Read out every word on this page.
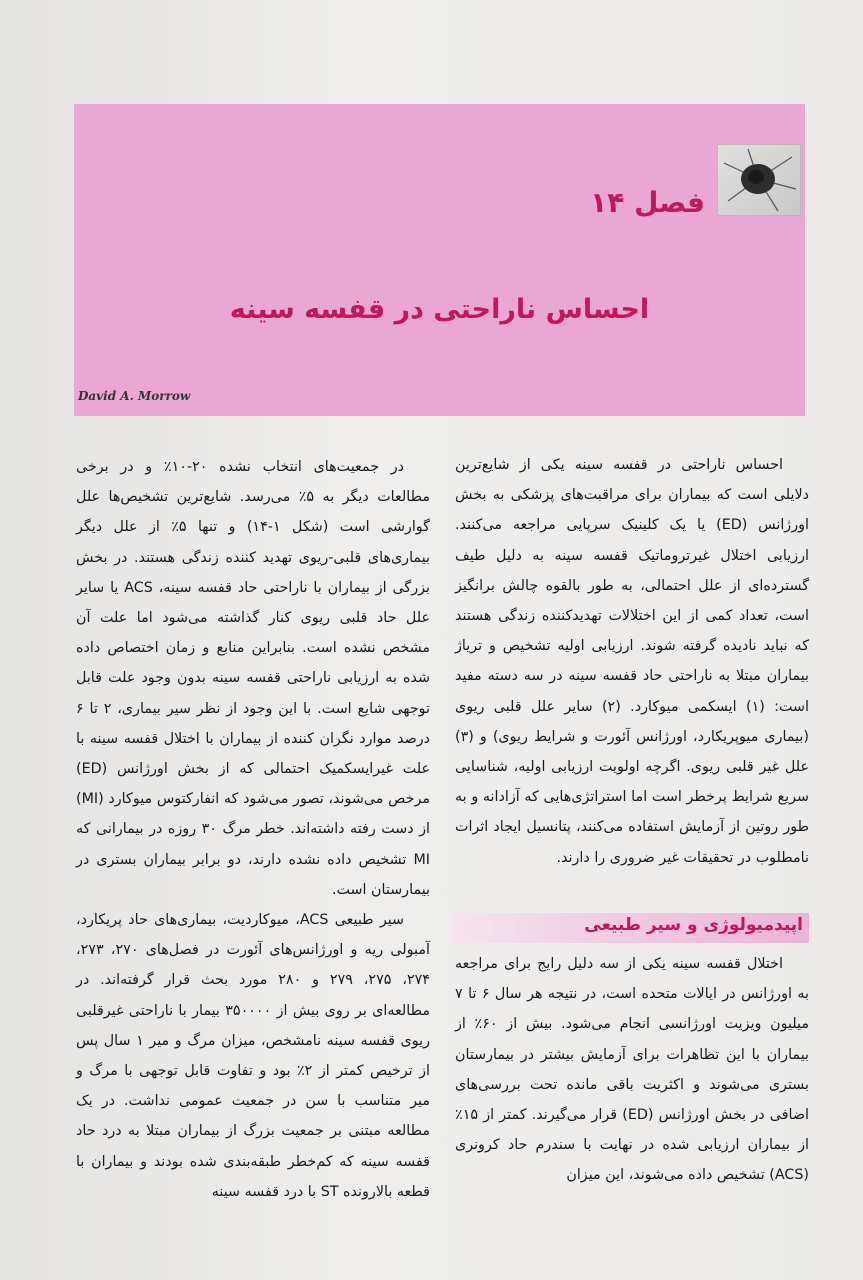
فصل ۱۴
احساس ناراحتی در قفسه سینه
David A. Morrow

احساس ناراحتی در قفسه سینه یکی از شایع‌ترین دلایلی است که بیماران برای مراقبت‌های پزشکی به بخش اورژانس (ED) یا یک کلینیک سرپایی مراجعه می‌کنند. ارزیابی اختلال غیرتروماتیک قفسه سینه به دلیل طیف گسترده‌ای از علل احتمالی، به طور بالقوه چالش برانگیز است، تعداد کمی از این اختلالات تهدیدکننده زندگی هستند که نباید نادیده گرفته شوند. ارزیابی اولیه تشخیص و تریاژ بیماران مبتلا به ناراحتی حاد قفسه سینه در سه دسته مفید است: (۱) ایسکمی میوکارد. (۲) سایر علل قلبی ریوی (بیماری میوپریکارد، اورژانس آئورت و شرایط ریوی) و (۳) علل غیر قلبی ریوی. اگرچه اولویت ارزیابی اولیه، شناسایی سریع شرایط پرخطر است اما استراتژی‌هایی که آزادانه و به طور روتین از آزمایش استفاده می‌کنند، پتانسیل ایجاد اثرات نامطلوب در تحقیقات غیر ضروری را دارند.

اپیدمیولوژی و سیر طبیعی

اختلال قفسه سینه یکی از سه دلیل رایج برای مراجعه به اورژانس در ایالات متحده است، در نتیجه هر سال ۶ تا ۷ میلیون ویزیت اورژانسی انجام می‌شود. بیش از ۶۰٪ از بیماران با این تظاهرات برای آزمایش بیشتر در بیمارستان بستری می‌شوند و اکثریت باقی مانده تحت بررسی‌های اضافی در بخش اورژانس (ED) قرار می‌گیرند. کمتر از ۱۵٪ از بیماران ارزیابی شده در نهایت با سندرم حاد کرونری (ACS) تشخیص داده می‌شوند، این میزان

در جمعیت‌های انتخاب نشده ۲۰-۱۰٪ و در برخی مطالعات دیگر به ۵٪ می‌رسد. شایع‌ترین تشخیص‌ها علل گوارشی است (شکل ۱-۱۴) و تنها ۵٪ از علل دیگر بیماری‌های قلبی-ریوی تهدید کننده زندگی هستند. در بخش بزرگی از بیماران با ناراحتی حاد قفسه سینه، ACS یا سایر علل حاد قلبی ریوی کنار گذاشته می‌شود اما علت آن مشخص نشده است. بنابراین منابع و زمان اختصاص داده شده به ارزیابی ناراحتی قفسه سینه بدون وجود علت قابل توجهی شایع است. با این وجود از نظر سیر بیماری، ۲ تا ۶ درصد موارد نگران کننده از بیماران با اختلال قفسه سینه با علت غیرایسکمیک احتمالی که از بخش اورژانس (ED) مرخص می‌شوند، تصور می‌شود که انفارکتوس میوکارد (MI) از دست رفته داشته‌اند. خطر مرگ ۳۰ روزه در بیمارانی که MI تشخیص داده نشده دارند، دو برابر بیماران بستری در بیمارستان است.

سیر طبیعی ACS، میوکاردیت، بیماری‌های حاد پریکارد، آمبولی ریه و اورژانس‌های آئورت در فصل‌های ۲۷۰، ۲۷۳، ۲۷۴، ۲۷۵، ۲۷۹ و ۲۸۰ مورد بحث قرار گرفته‌اند. در مطالعه‌ای بر روی بیش از ۳۵۰۰۰۰ بیمار با ناراحتی غیرقلبی ریوی قفسه سینه نامشخص، میزان مرگ و میر ۱ سال پس از ترخیص کمتر از ۲٪ بود و تفاوت قابل توجهی با مرگ و میر متناسب با سن در جمعیت عمومی نداشت. در یک مطالعه مبتنی بر جمعیت بزرگ از بیماران مبتلا به درد حاد قفسه سینه که کم‌خطر طبقه‌بندی شده بودند و بیماران با قطعه بالارونده ST با درد قفسه سینه
